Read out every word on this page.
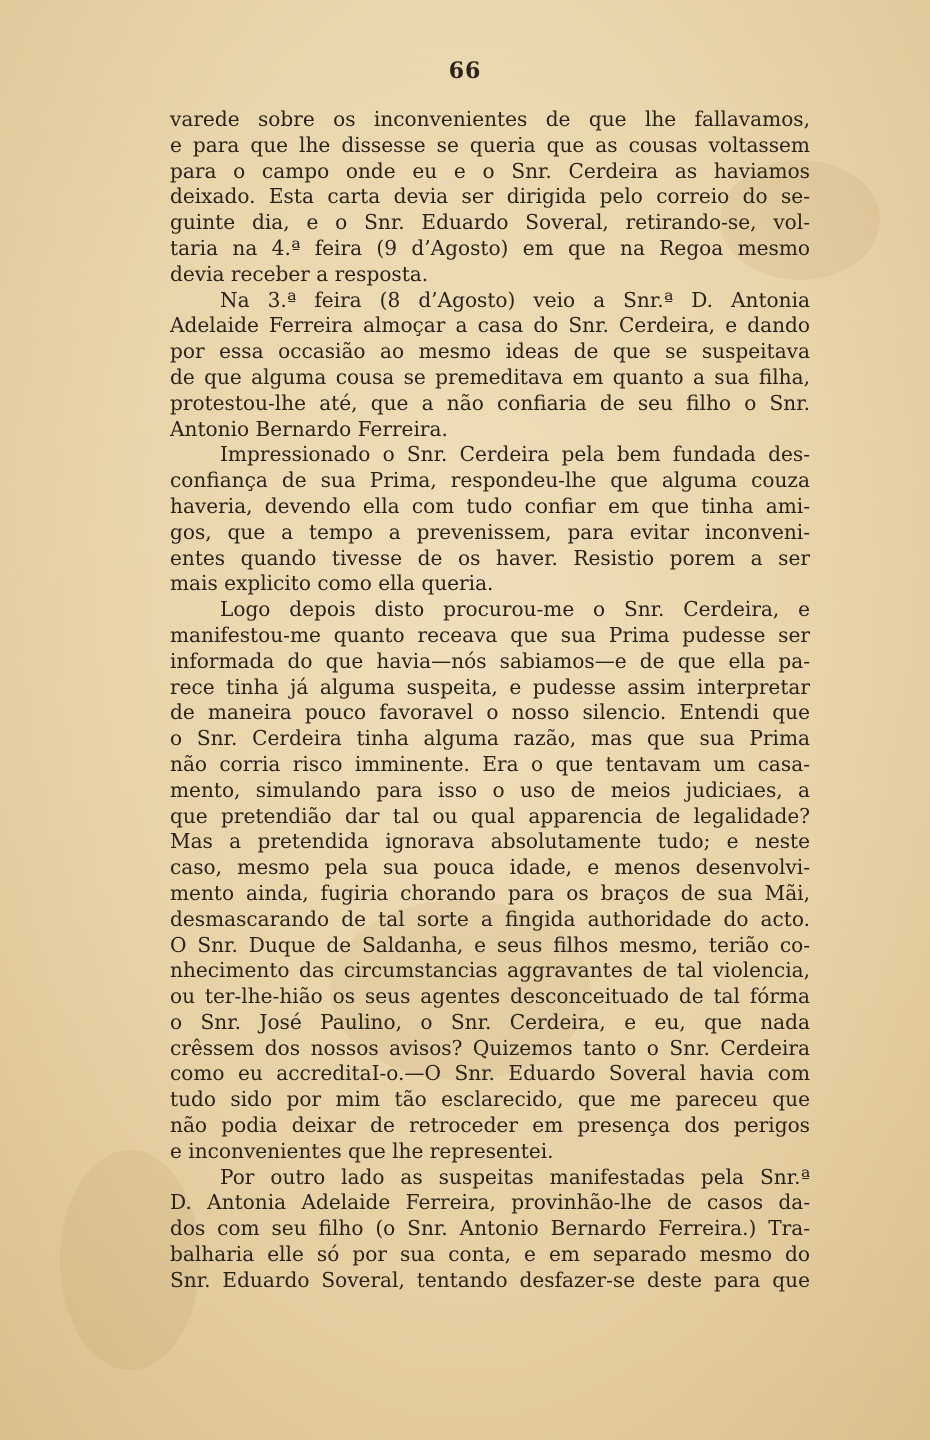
66
varede sobre os inconvenientes de que lhe fallavamos,
e para que lhe dissesse se queria que as cousas voltassem
para o campo onde eu e o Snr. Cerdeira as haviamos
deixado. Esta carta devia ser dirigida pelo correio do se-
guinte dia, e o Snr. Eduardo Soveral, retirando-se, vol-
taria na 4.ª feira (9 d’Agosto) em que na Regoa mesmo
devia receber a resposta.
Na 3.ª feira (8 d’Agosto) veio a Snr.ª D. Antonia
Adelaide Ferreira almoçar a casa do Snr. Cerdeira, e dando
por essa occasião ao mesmo ideas de que se suspeitava
de que alguma cousa se premeditava em quanto a sua filha,
protestou-lhe até, que a não confiaria de seu filho o Snr.
Antonio Bernardo Ferreira.
Impressionado o Snr. Cerdeira pela bem fundada des-
confiança de sua Prima, respondeu-lhe que alguma couza
haveria, devendo ella com tudo confiar em que tinha ami-
gos, que a tempo a prevenissem, para evitar inconveni-
entes quando tivesse de os haver. Resistio porem a ser
mais explicito como ella queria.
Logo depois disto procurou-me o Snr. Cerdeira, e
manifestou-me quanto receava que sua Prima pudesse ser
informada do que havia—nós sabiamos—e de que ella pa-
rece tinha já alguma suspeita, e pudesse assim interpretar
de maneira pouco favoravel o nosso silencio. Entendi que
o Snr. Cerdeira tinha alguma razão, mas que sua Prima
não corria risco imminente. Era o que tentavam um casa-
mento, simulando para isso o uso de meios judiciaes, a
que pretendião dar tal ou qual apparencia de legalidade?
Mas a pretendida ignorava absolutamente tudo; e neste
caso, mesmo pela sua pouca idade, e menos desenvolvi-
mento ainda, fugiria chorando para os braços de sua Mãi,
desmascarando de tal sorte a fingida authoridade do acto.
O Snr. Duque de Saldanha, e seus filhos mesmo, terião co-
nhecimento das circumstancias aggravantes de tal violencia,
ou ter-lhe-hião os seus agentes desconceituado de tal fórma
o Snr. José Paulino, o Snr. Cerdeira, e eu, que nada
crêssem dos nossos avisos? Quizemos tanto o Snr. Cerdeira
como eu accreditaI-o.—O Snr. Eduardo Soveral havia com
tudo sido por mim tão esclarecido, que me pareceu que
não podia deixar de retroceder em presença dos perigos
e inconvenientes que lhe representei.
Por outro lado as suspeitas manifestadas pela Snr.ª
D. Antonia Adelaide Ferreira, provinhão-lhe de casos da-
dos com seu filho (o Snr. Antonio Bernardo Ferreira.) Tra-
balharia elle só por sua conta, e em separado mesmo do
Snr. Eduardo Soveral, tentando desfazer-se deste para que
